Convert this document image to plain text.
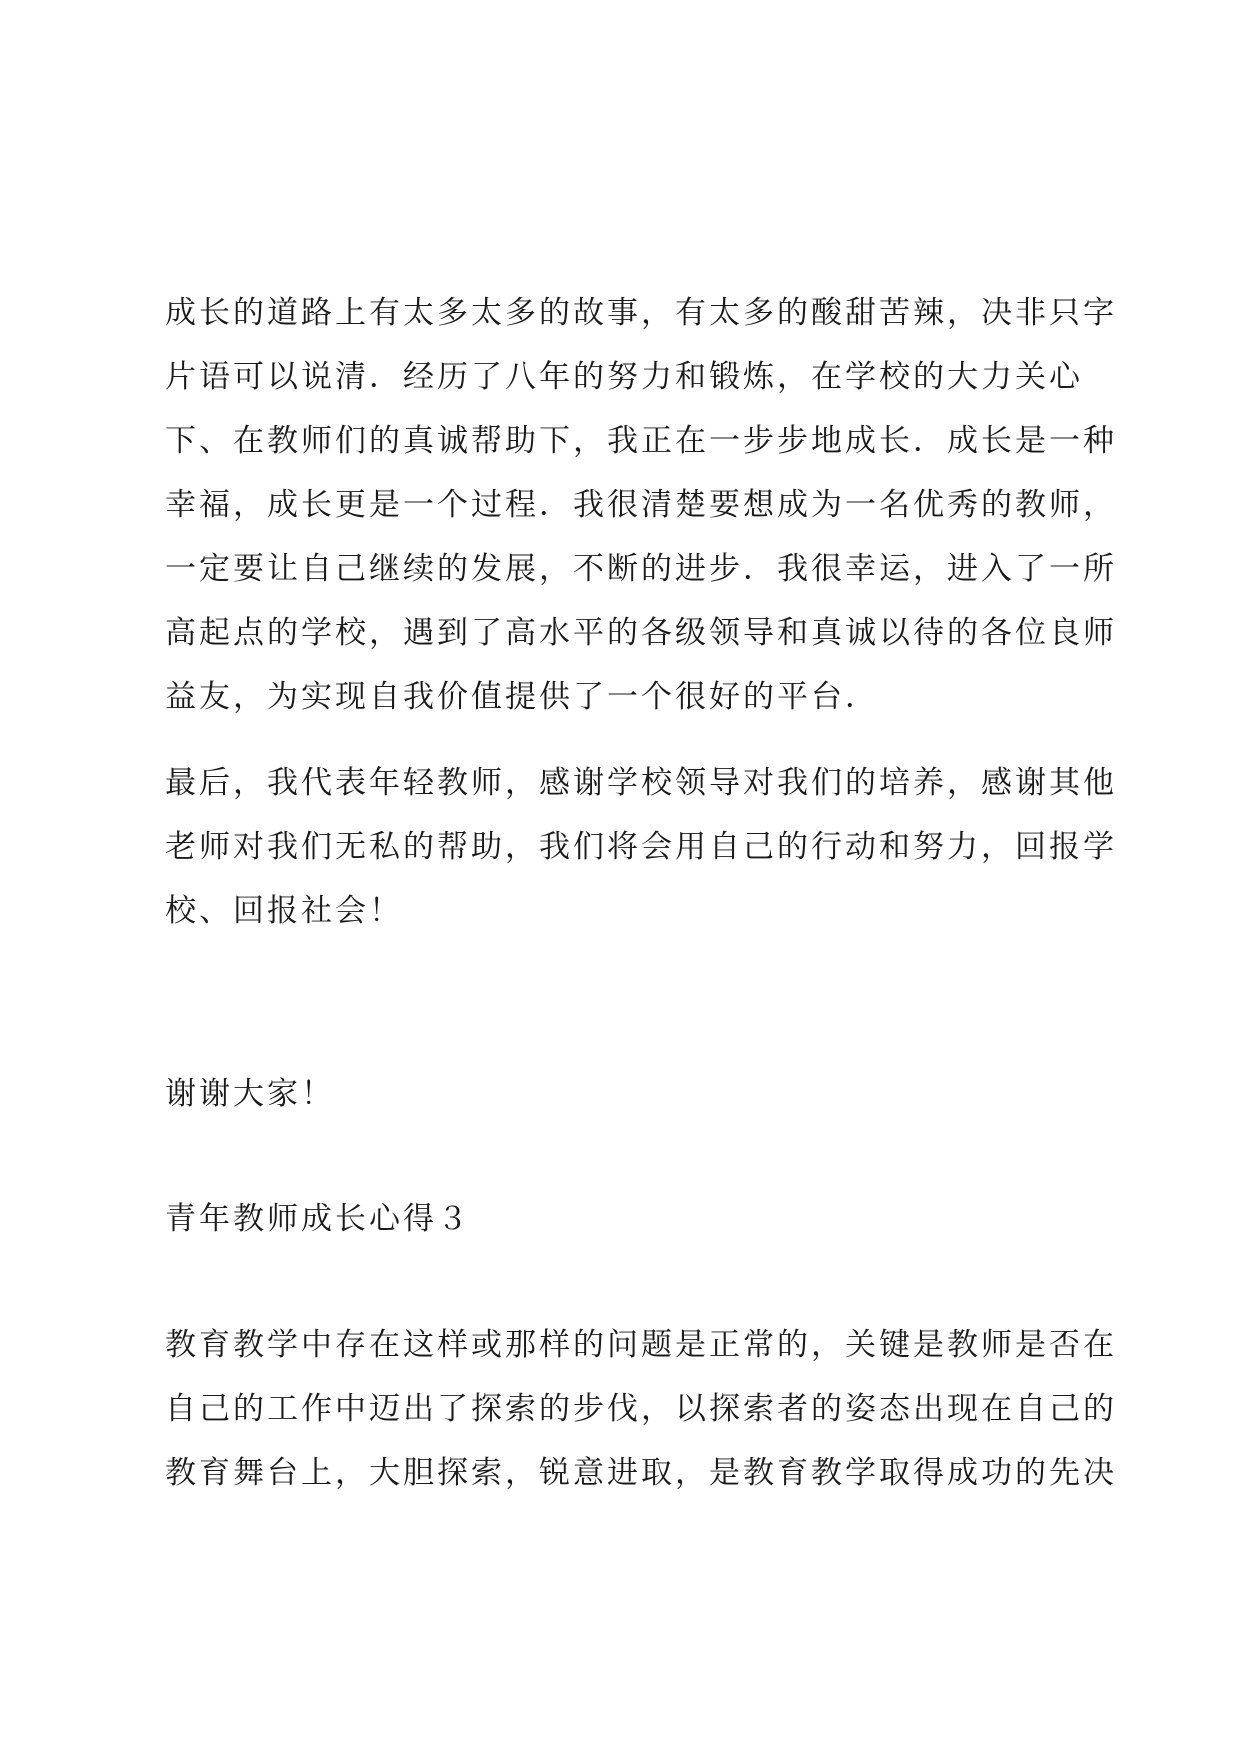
成长的道路上有太多太多的故事，有太多的酸甜苦辣，决非只字
片语可以说清．经历了八年的努力和锻炼，在学校的大力关心
下、在教师们的真诚帮助下，我正在一步步地成长．成长是一种
幸福，成长更是一个过程．我很清楚要想成为一名优秀的教师，
一定要让自己继续的发展，不断的进步．我很幸运，进入了一所
高起点的学校，遇到了高水平的各级领导和真诚以待的各位良师
益友，为实现自我价值提供了一个很好的平台．
最后，我代表年轻教师，感谢学校领导对我们的培养，感谢其他
老师对我们无私的帮助，我们将会用自己的行动和努力，回报学
校、回报社会！
谢谢大家！
青年教师成长心得３
教育教学中存在这样或那样的问题是正常的，关键是教师是否在
自己的工作中迈出了探索的步伐，以探索者的姿态出现在自己的
教育舞台上，大胆探索，锐意进取，是教育教学取得成功的先决
